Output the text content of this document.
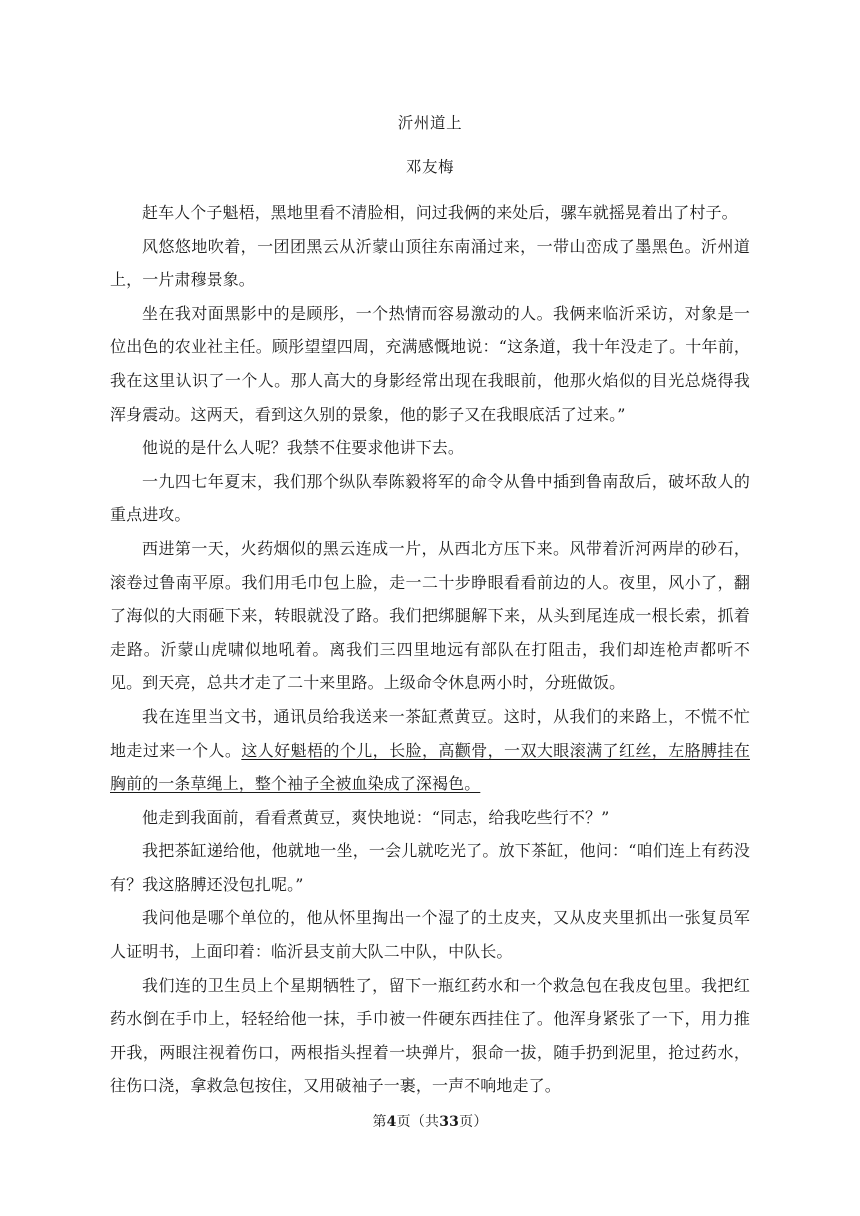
沂州道上
邓友梅

赶车人个子魁梧，黑地里看不清脸相，问过我俩的来处后，骡车就摇晃着出了村子。

风悠悠地吹着，一团团黑云从沂蒙山顶往东南涌过来，一带山峦成了墨黑色。沂州道上，一片肃穆景象。

坐在我对面黑影中的是顾彤，一个热情而容易激动的人。我俩来临沂采访，对象是一位出色的农业社主任。顾彤望望四周，充满感慨地说：“这条道，我十年没走了。十年前，我在这里认识了一个人。那人高大的身影经常出现在我眼前，他那火焰似的目光总烧得我浑身震动。这两天，看到这久别的景象，他的影子又在我眼底活了过来。”

他说的是什么人呢？我禁不住要求他讲下去。

一九四七年夏末，我们那个纵队奉陈毅将军的命令从鲁中插到鲁南敌后，破坏敌人的重点进攻。

西进第一天，火药烟似的黑云连成一片，从西北方压下来。风带着沂河两岸的砂石，滚卷过鲁南平原。我们用毛巾包上脸，走一二十步睁眼看看前边的人。夜里，风小了，翻了海似的大雨砸下来，转眼就没了路。我们把绑腿解下来，从头到尾连成一根长索，抓着走路。沂蒙山虎啸似地吼着。离我们三四里地远有部队在打阻击，我们却连枪声都听不见。到天亮，总共才走了二十来里路。上级命令休息两小时，分班做饭。

我在连里当文书，通讯员给我送来一茶缸煮黄豆。这时，从我们的来路上，不慌不忙地走过来一个人。这人好魁梧的个儿，长脸，高颧骨，一双大眼滚满了红丝，左胳膊挂在胸前的一条草绳上，整个袖子全被血染成了深褐色。

他走到我面前，看看煮黄豆，爽快地说：“同志，给我吃些行不？”

我把茶缸递给他，他就地一坐，一会儿就吃光了。放下茶缸，他问：“咱们连上有药没有？我这胳膊还没包扎呢。”

我问他是哪个单位的，他从怀里掏出一个湿了的土皮夹，又从皮夹里抓出一张复员军人证明书，上面印着：临沂县支前大队二中队，中队长。

我们连的卫生员上个星期牺牲了，留下一瓶红药水和一个救急包在我皮包里。我把红药水倒在手巾上，轻轻给他一抹，手巾被一件硬东西挂住了。他浑身紧张了一下，用力推开我，两眼注视着伤口，两根指头捏着一块弹片，狠命一拔，随手扔到泥里，抢过药水，往伤口浇，拿救急包按住，又用破袖子一裹，一声不响地走了。

第4页（共33页）
